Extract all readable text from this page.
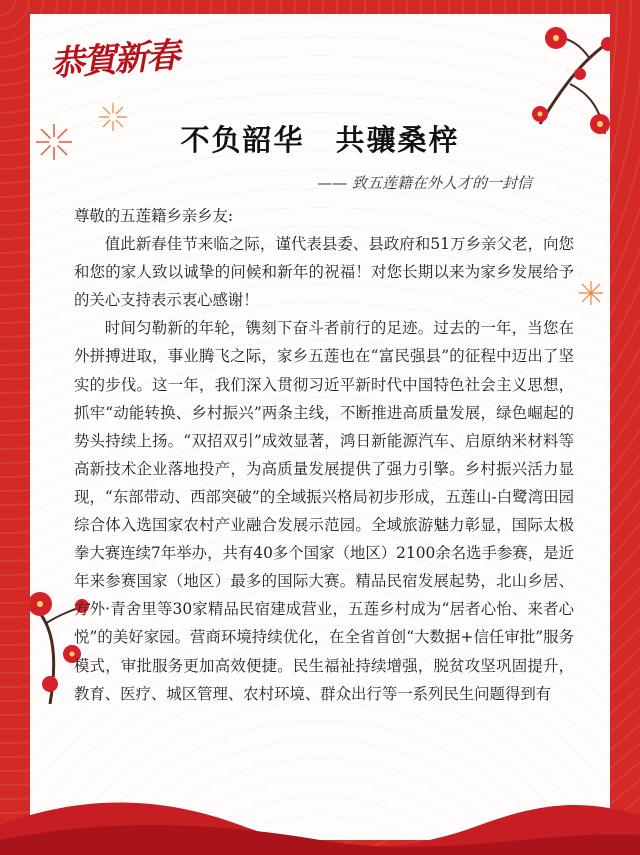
恭賀新春
不负韶华　共骧桑梓
—— 致五莲籍在外人才的一封信

尊敬的五莲籍乡亲乡友:

值此新春佳节来临之际，谨代表县委、县政府和51万乡亲父老，向您和您的家人致以诚挚的问候和新年的祝福！对您长期以来为家乡发展给予的关心支持表示衷心感谢！

时间匀勒新的年轮，镌刻下奋斗者前行的足迹。过去的一年，当您在外拼搏进取，事业腾飞之际，家乡五莲也在“富民强县”的征程中迈出了坚实的步伐。这一年，我们深入贯彻习近平新时代中国特色社会主义思想，抓牢“动能转换、乡村振兴”两条主线，不断推进高质量发展，绿色崛起的势头持续上扬。“双招双引”成效显著，鸿日新能源汽车、启原纳米材料等高新技术企业落地投产，为高质量发展提供了强力引擎。乡村振兴活力显现，“东部带动、西部突破”的全域振兴格局初步形成，五莲山-白鹭湾田园综合体入选国家农村产业融合发展示范园。全域旅游魅力彰显，国际太极拳大赛连续7年举办，共有40多个国家（地区）2100余名选手参赛，是近年来参赛国家（地区）最多的国际大赛。精品民宿发展起势，北山乡居、方外·青舍里等30家精品民宿建成营业，五莲乡村成为“居者心怡、来者心悦”的美好家园。营商环境持续优化，在全省首创“大数据+信任审批”服务模式，审批服务更加高效便捷。民生福祉持续增强，脱贫攻坚巩固提升，教育、医疗、城区管理、农村环境、群众出行等一系列民生问题得到有
